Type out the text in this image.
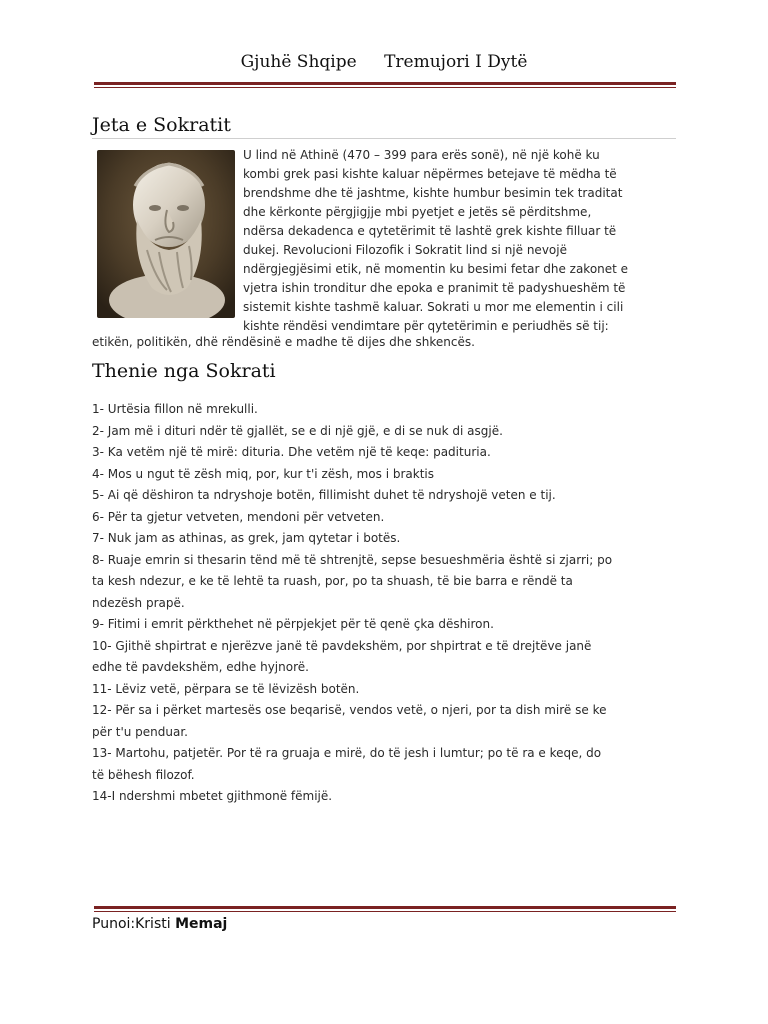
Gjuhë Shqipe Tremujori I Dytë
Jeta e Sokratit
U lind në Athinë (470 – 399 para erës sonë), në një kohë ku
kombi grek pasi kishte kaluar nëpërmes betejave të mëdha të
brendshme dhe të jashtme, kishte humbur besimin tek traditat
dhe kërkonte përgjigjje mbi pyetjet e jetës së përditshme,
ndërsa dekadenca e qytetërimit të lashtë grek kishte filluar të
dukej. Revolucioni Filozofik i Sokratit lind si një nevojë
ndërgjegjësimi etik, në momentin ku besimi fetar dhe zakonet e
vjetra ishin tronditur dhe epoka e pranimit të padyshueshëm të
sistemit kishte tashmë kaluar. Sokrati u mor me elementin i cili
kishte rëndësi vendimtare për qytetërimin e periudhës së tij:
etikën, politikën, dhë rëndësinë e madhe të dijes dhe shkencës.
Thenie nga Sokrati
1- Urtësia fillon në mrekulli.
2- Jam më i dituri ndër të gjallët, se e di një gjë, e di se nuk di asgjë.
3- Ka vetëm një të mirë: dituria. Dhe vetëm një të keqe: padituria.
4- Mos u ngut të zësh miq, por, kur t'i zësh, mos i braktis
5- Ai që dëshiron ta ndryshoje botën, fillimisht duhet të ndryshojë veten e tij.
6- Për ta gjetur vetveten, mendoni për vetveten.
7- Nuk jam as athinas, as grek, jam qytetar i botës.
8- Ruaje emrin si thesarin tënd më të shtrenjtë, sepse besueshmëria është si zjarri; po
ta kesh ndezur, e ke të lehtë ta ruash, por, po ta shuash, të bie barra e rëndë ta
ndezësh prapë.
9- Fitimi i emrit përkthehet në përpjekjet për të qenë çka dëshiron.
10- Gjithë shpirtrat e njerëzve janë të pavdekshëm, por shpirtrat e të drejtëve janë
edhe të pavdekshëm, edhe hyjnorë.
11- Lëviz vetë, përpara se të lëvizësh botën.
12- Për sa i përket martesës ose beqarisë, vendos vetë, o njeri, por ta dish mirë se ke
për t'u penduar.
13- Martohu, patjetër. Por të ra gruaja e mirë, do të jesh i lumtur; po të ra e keqe, do
të bëhesh filozof.
14-I ndershmi mbetet gjithmonë fëmijë.
Punoi:Kristi Memaj
